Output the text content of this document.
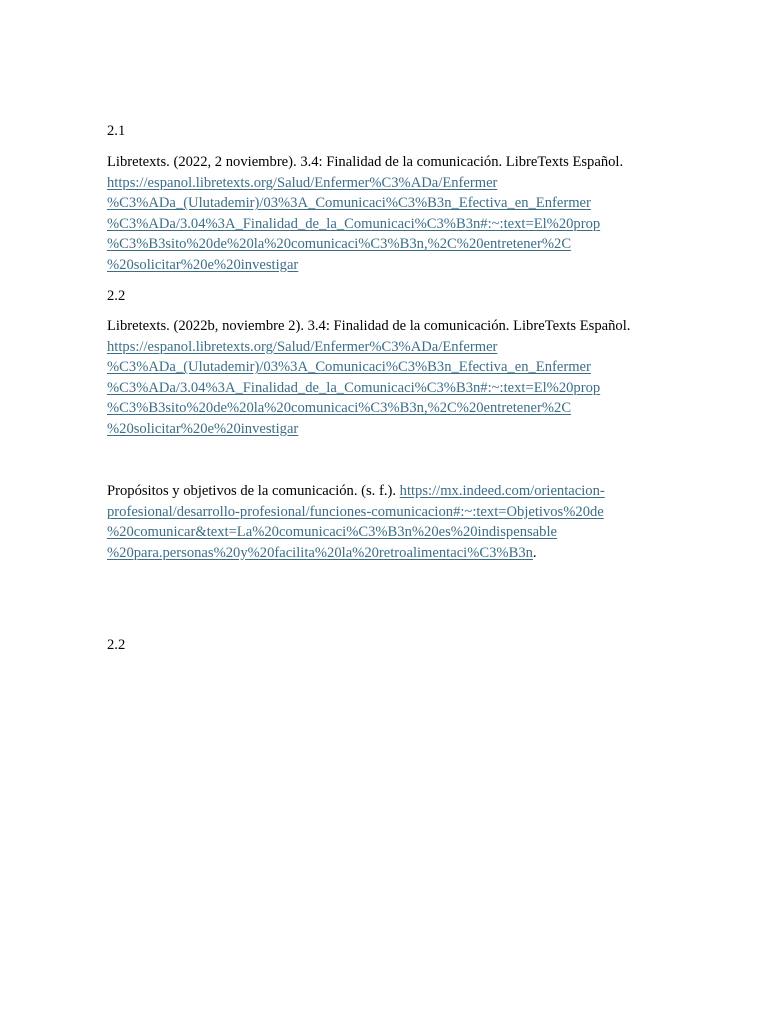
2.1
Libretexts. (2022, 2 noviembre). 3.4: Finalidad de la comunicación. LibreTexts Español.
https://espanol.libretexts.org/Salud/Enfermer%C3%ADa/Enfermer
%C3%ADa_(Ulutademir)/03%3A_Comunicaci%C3%B3n_Efectiva_en_Enfermer
%C3%ADa/3.04%3A_Finalidad_de_la_Comunicaci%C3%B3n#:~:text=El%20prop
%C3%B3sito%20de%20la%20comunicaci%C3%B3n,%2C%20entretener%2C
%20solicitar%20e%20investigar
2.2
Libretexts. (2022b, noviembre 2). 3.4: Finalidad de la comunicación. LibreTexts Español.
https://espanol.libretexts.org/Salud/Enfermer%C3%ADa/Enfermer
%C3%ADa_(Ulutademir)/03%3A_Comunicaci%C3%B3n_Efectiva_en_Enfermer
%C3%ADa/3.04%3A_Finalidad_de_la_Comunicaci%C3%B3n#:~:text=El%20prop
%C3%B3sito%20de%20la%20comunicaci%C3%B3n,%2C%20entretener%2C
%20solicitar%20e%20investigar
Propósitos y objetivos de la comunicación. (s. f.). https://mx.indeed.com/orientacion-
profesional/desarrollo-profesional/funciones-comunicacion#:~:text=Objetivos%20de
%20comunicar&text=La%20comunicaci%C3%B3n%20es%20indispensable
%20para.personas%20y%20facilita%20la%20retroalimentaci%C3%B3n.
2.2
